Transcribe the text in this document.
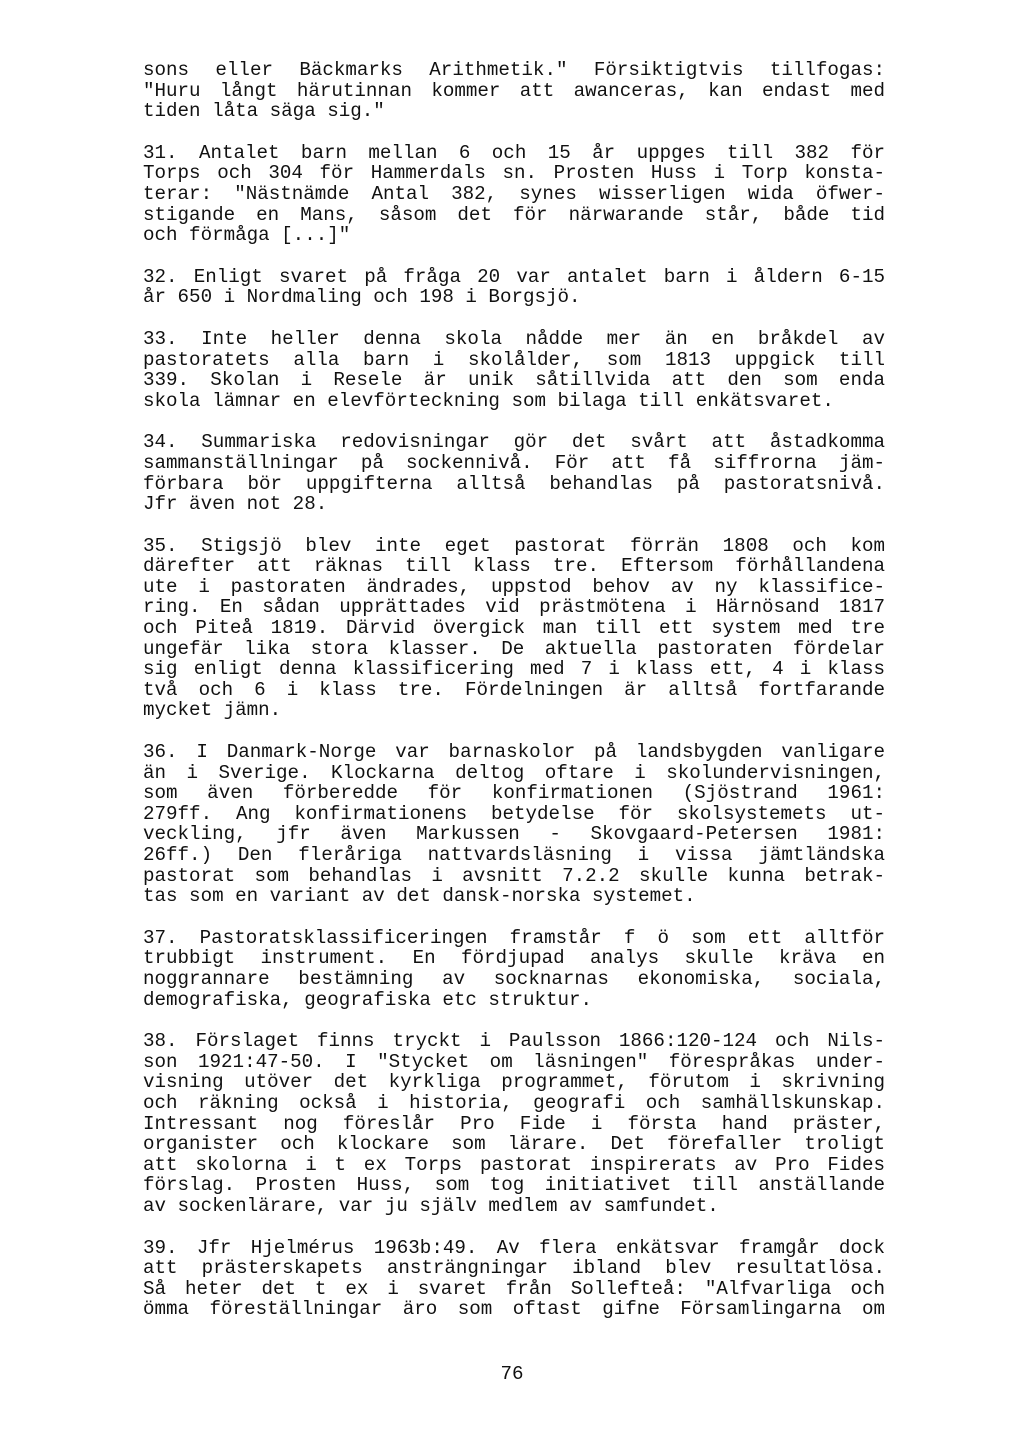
sons eller Bäckmarks Arithmetik." Försiktigtvis tillfogas:
"Huru långt härutinnan kommer att awanceras, kan endast med
tiden låta säga sig."
31. Antalet barn mellan 6 och 15 år uppges till 382 för
Torps och 304 för Hammerdals sn. Prosten Huss i Torp konsta-
terar: "Nästnämde Antal 382, synes wisserligen wida öfwer-
stigande en Mans, såsom det för närwarande står, både tid
och förmåga [...]"
32. Enligt svaret på fråga 20 var antalet barn i åldern 6-15
år 650 i Nordmaling och 198 i Borgsjö.
33. Inte heller denna skola nådde mer än en bråkdel av
pastoratets alla barn i skolålder, som 1813 uppgick till
339. Skolan i Resele är unik såtillvida att den som enda
skola lämnar en elevförteckning som bilaga till enkätsvaret.
34. Summariska redovisningar gör det svårt att åstadkomma
sammanställningar på sockennivå. För att få siffrorna jäm-
förbara bör uppgifterna alltså behandlas på pastoratsnivå.
Jfr även not 28.
35. Stigsjö blev inte eget pastorat förrän 1808 och kom
därefter att räknas till klass tre. Eftersom förhållandena
ute i pastoraten ändrades, uppstod behov av ny klassifice-
ring. En sådan upprättades vid prästmötena i Härnösand 1817
och Piteå 1819. Därvid övergick man till ett system med tre
ungefär lika stora klasser. De aktuella pastoraten fördelar
sig enligt denna klassificering med 7 i klass ett, 4 i klass
två och 6 i klass tre. Fördelningen är alltså fortfarande
mycket jämn.
36. I Danmark-Norge var barnaskolor på landsbygden vanligare
än i Sverige. Klockarna deltog oftare i skolundervisningen,
som även förberedde för konfirmationen (Sjöstrand 1961:
279ff. Ang konfirmationens betydelse för skolsystemets ut-
veckling, jfr även Markussen - Skovgaard-Petersen 1981:
26ff.) Den fleråriga nattvardsläsning i vissa jämtländska
pastorat som behandlas i avsnitt 7.2.2 skulle kunna betrak-
tas som en variant av det dansk-norska systemet.
37. Pastoratsklassificeringen framstår f ö som ett alltför
trubbigt instrument. En fördjupad analys skulle kräva en
noggrannare bestämning av socknarnas ekonomiska, sociala,
demografiska, geografiska etc struktur.
38. Förslaget finns tryckt i Paulsson 1866:120-124 och Nils-
son 1921:47-50. I "Stycket om läsningen" förespråkas under-
visning utöver det kyrkliga programmet, förutom i skrivning
och räkning också i historia, geografi och samhällskunskap.
Intressant nog föreslår Pro Fide i första hand präster,
organister och klockare som lärare. Det förefaller troligt
att skolorna i t ex Torps pastorat inspirerats av Pro Fides
förslag. Prosten Huss, som tog initiativet till anställande
av sockenlärare, var ju själv medlem av samfundet.
39. Jfr Hjelmérus 1963b:49. Av flera enkätsvar framgår dock
att prästerskapets ansträngningar ibland blev resultatlösa.
Så heter det t ex i svaret från Sollefteå: "Alfvarliga och
ömma föreställningar äro som oftast gifne Församlingarna om
76
